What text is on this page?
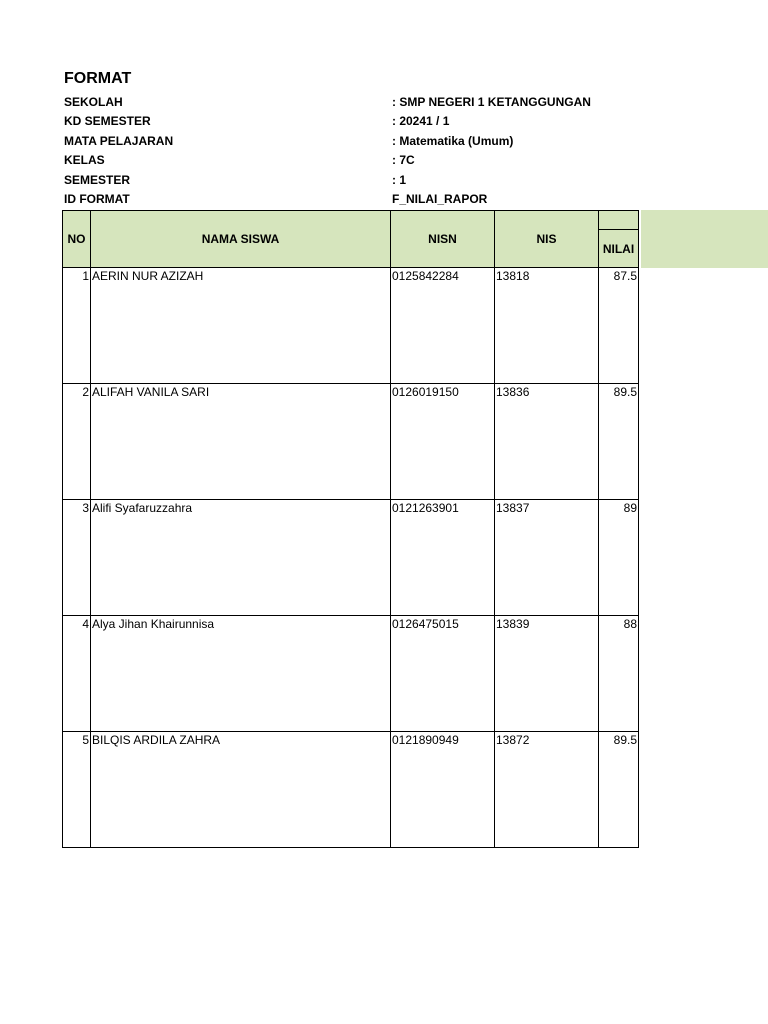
FORMAT
SEKOLAH	: SMP NEGERI 1 KETANGGUNGAN
KD SEMESTER	: 20241 / 1
MATA PELAJARAN	: Matematika (Umum)
KELAS	: 7C
SEMESTER	: 1
ID FORMAT	F_NILAI_RAPOR
NO	NAMA SISWA	NISN	NIS	
				NILAI
1	AERIN NUR AZIZAH	0125842284	13818	87.5
2	ALIFAH VANILA SARI	0126019150	13836	89.5
3	Alifi Syafaruzzahra	0121263901	13837	89
4	Alya Jihan Khairunnisa	0126475015	13839	88
5	BILQIS ARDILA ZAHRA	0121890949	13872	89.5
